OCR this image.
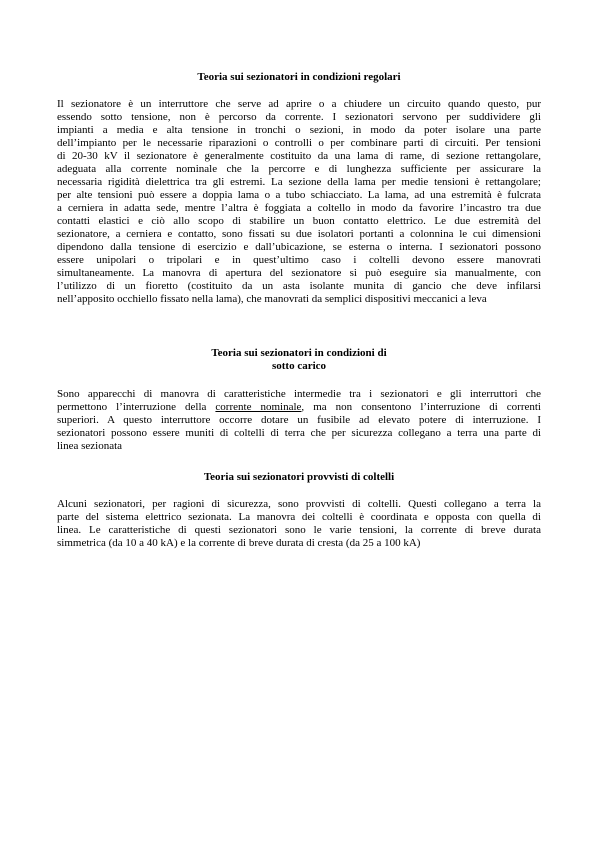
Teoria sui sezionatori in condizioni regolari
Il sezionatore è un interruttore che serve ad aprire o a chiudere un circuito quando questo, pur
essendo sotto tensione, non è percorso da corrente. I sezionatori servono per suddividere gli
impianti a media e alta tensione in tronchi o sezioni, in modo da poter isolare una parte
dell’impianto per le necessarie riparazioni o controlli o per combinare parti di circuiti. Per tensioni
di 20-30 kV il sezionatore è generalmente costituito da una lama di rame, di sezione rettangolare,
adeguata alla corrente nominale che la percorre e di lunghezza sufficiente per assicurare la
necessaria rigidità dielettrica tra gli estremi. La sezione della lama per medie tensioni è rettangolare;
per alte tensioni può essere a doppia lama o a tubo schiacciato. La lama, ad una estremità è fulcrata
a cerniera in adatta sede, mentre l’altra è foggiata a coltello in modo da favorire l’incastro tra due
contatti elastici e ciò allo scopo di stabilire un buon contatto elettrico. Le due estremità del
sezionatore, a cerniera e contatto, sono fissati su due isolatori portanti a colonnina le cui dimensioni
dipendono dalla tensione di esercizio e dall’ubicazione, se esterna o interna. I sezionatori possono
essere unipolari o tripolari e in quest’ultimo caso i coltelli devono essere manovrati
simultaneamente. La manovra di apertura del sezionatore si può eseguire sia manualmente, con
l’utilizzo di un fioretto (costituito da un asta isolante munita di gancio che deve infilarsi
nell’apposito occhiello fissato nella lama), che manovrati da semplici dispositivi meccanici a leva
Teoria sui sezionatori in condizioni di
sotto carico
Sono apparecchi di manovra di caratteristiche intermedie tra i sezionatori e gli interruttori che
permettono l’interruzione della corrente nominale, ma non consentono l’interruzione di correnti
superiori. A questo interruttore occorre dotare un fusibile ad elevato potere di interruzione. I
sezionatori possono essere muniti di coltelli di terra che per sicurezza collegano a terra una parte di
linea sezionata
Teoria sui sezionatori provvisti di coltelli
Alcuni sezionatori, per ragioni di sicurezza, sono provvisti di coltelli. Questi collegano a terra la
parte del sistema elettrico sezionata. La manovra dei coltelli è coordinata e opposta con quella di
linea. Le caratteristiche di questi sezionatori sono le varie tensioni, la corrente di breve durata
simmetrica (da 10 a 40 kA) e la corrente di breve durata di cresta (da 25 a 100 kA)
